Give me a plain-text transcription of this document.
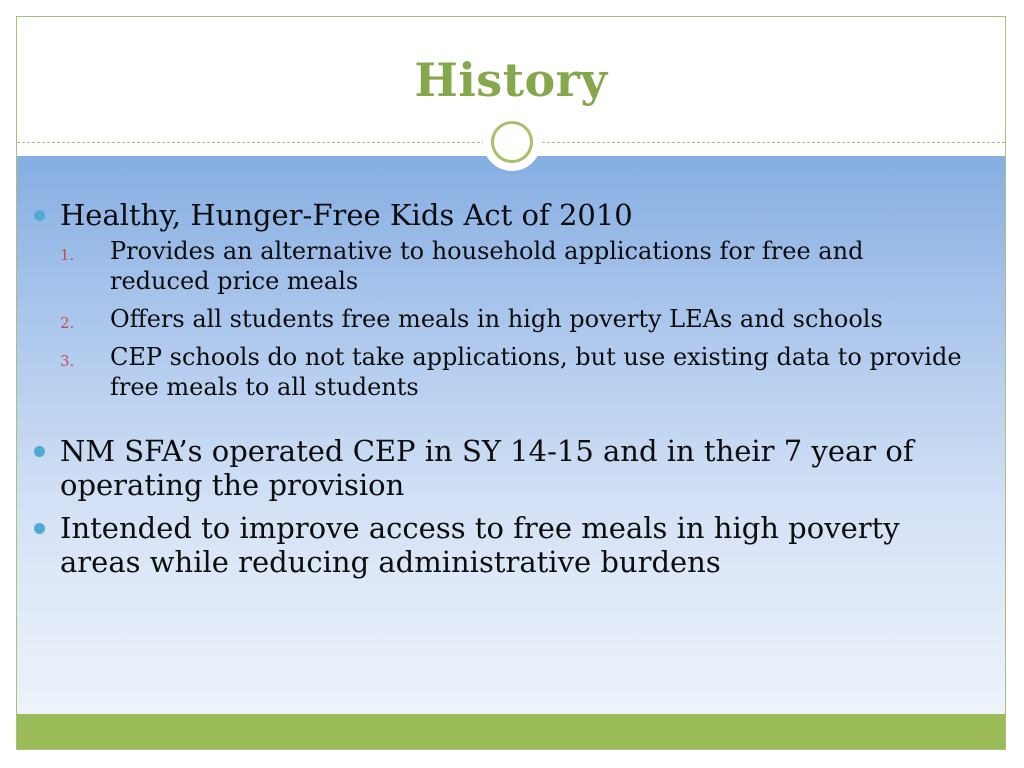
History
Healthy, Hunger-Free Kids Act of 2010
1. Provides an alternative to household applications for free and reduced price meals
2. Offers all students free meals in high poverty LEAs and schools
3. CEP schools do not take applications, but use existing data to provide free meals to all students
NM SFA’s operated CEP in SY 14-15 and in their 7 year of operating the provision
Intended to improve access to free meals in high poverty areas while reducing administrative burdens
